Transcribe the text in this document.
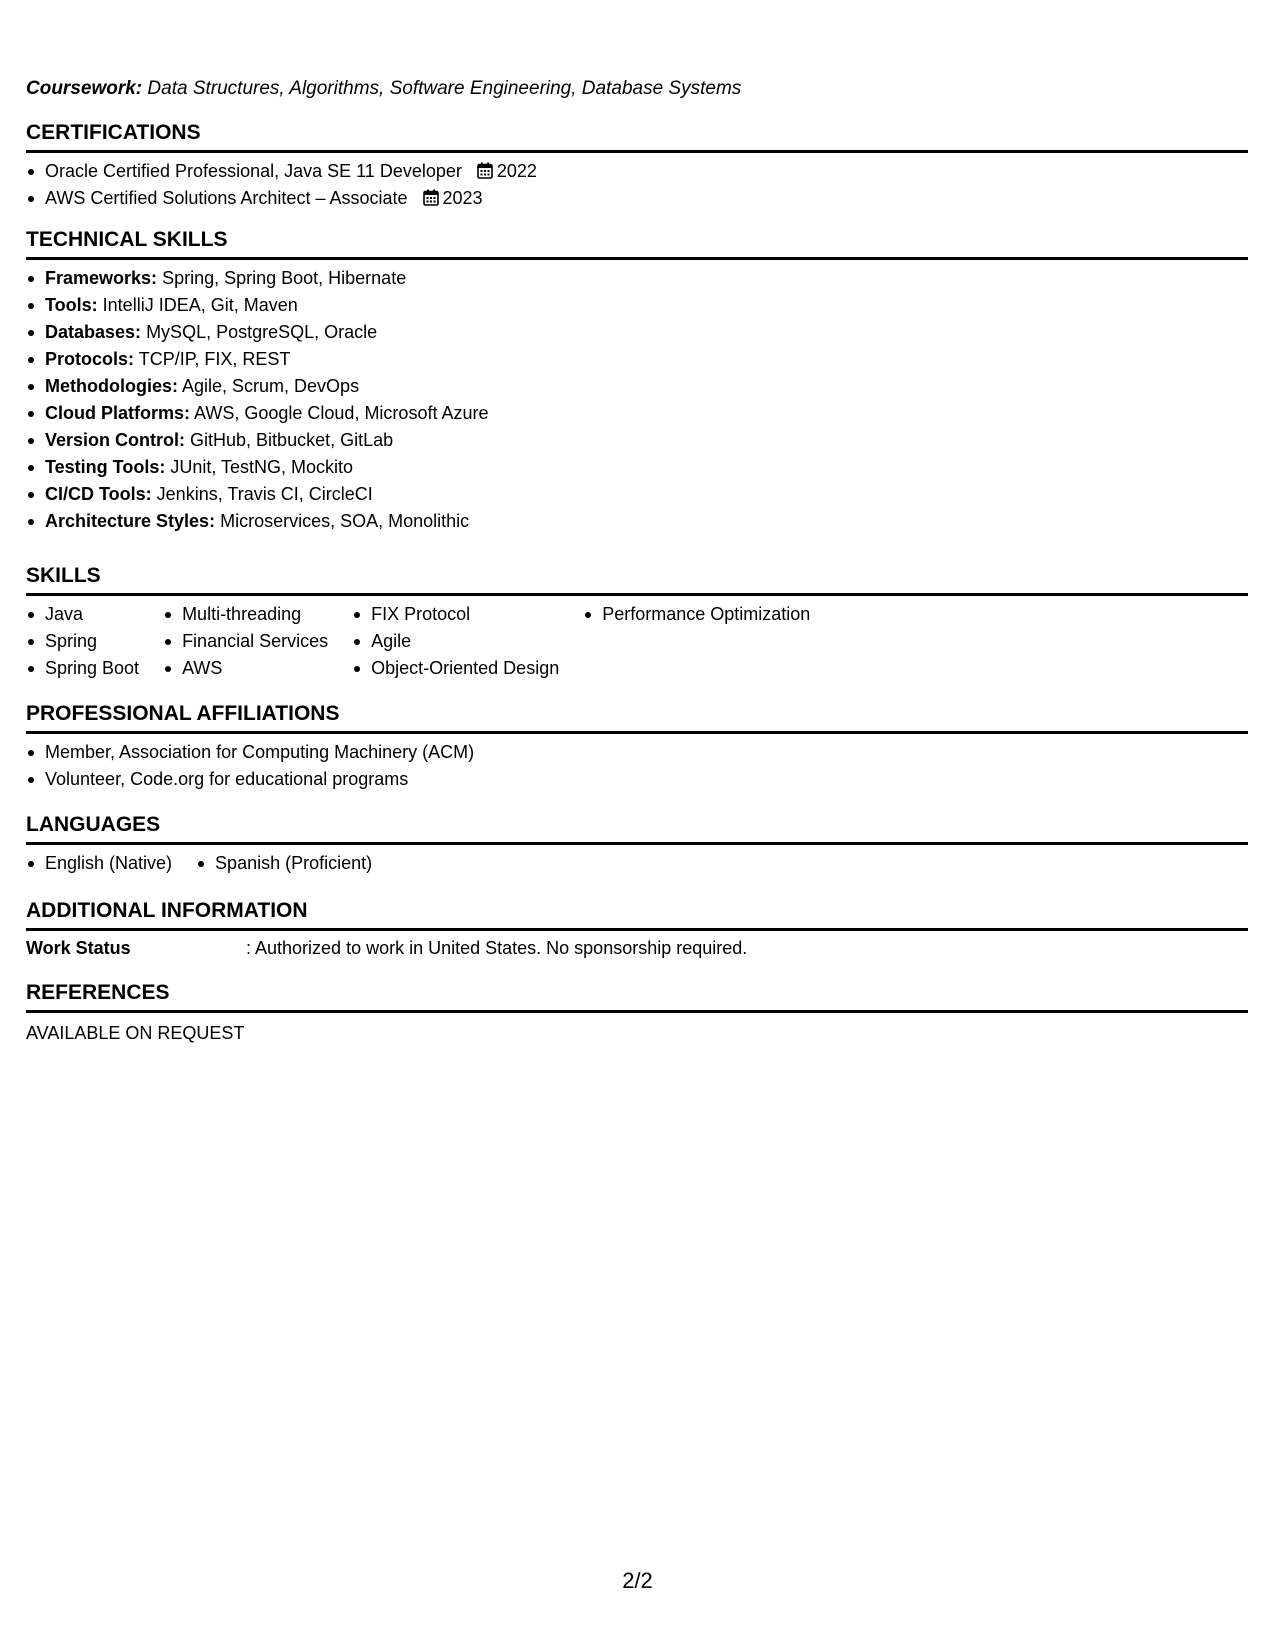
Coursework: Data Structures, Algorithms, Software Engineering, Database Systems
CERTIFICATIONS
Oracle Certified Professional, Java SE 11 Developer 2022
AWS Certified Solutions Architect – Associate 2023
TECHNICAL SKILLS
Frameworks: Spring, Spring Boot, Hibernate
Tools: IntelliJ IDEA, Git, Maven
Databases: MySQL, PostgreSQL, Oracle
Protocols: TCP/IP, FIX, REST
Methodologies: Agile, Scrum, DevOps
Cloud Platforms: AWS, Google Cloud, Microsoft Azure
Version Control: GitHub, Bitbucket, GitLab
Testing Tools: JUnit, TestNG, Mockito
CI/CD Tools: Jenkins, Travis CI, CircleCI
Architecture Styles: Microservices, SOA, Monolithic
SKILLS
Java
Spring
Spring Boot
Multi-threading
Financial Services
AWS
FIX Protocol
Agile
Object-Oriented Design
Performance Optimization
PROFESSIONAL AFFILIATIONS
Member, Association for Computing Machinery (ACM)
Volunteer, Code.org for educational programs
LANGUAGES
English (Native)	Spanish (Proficient)
ADDITIONAL INFORMATION
Work Status	: Authorized to work in United States. No sponsorship required.
REFERENCES
AVAILABLE ON REQUEST
2/2
